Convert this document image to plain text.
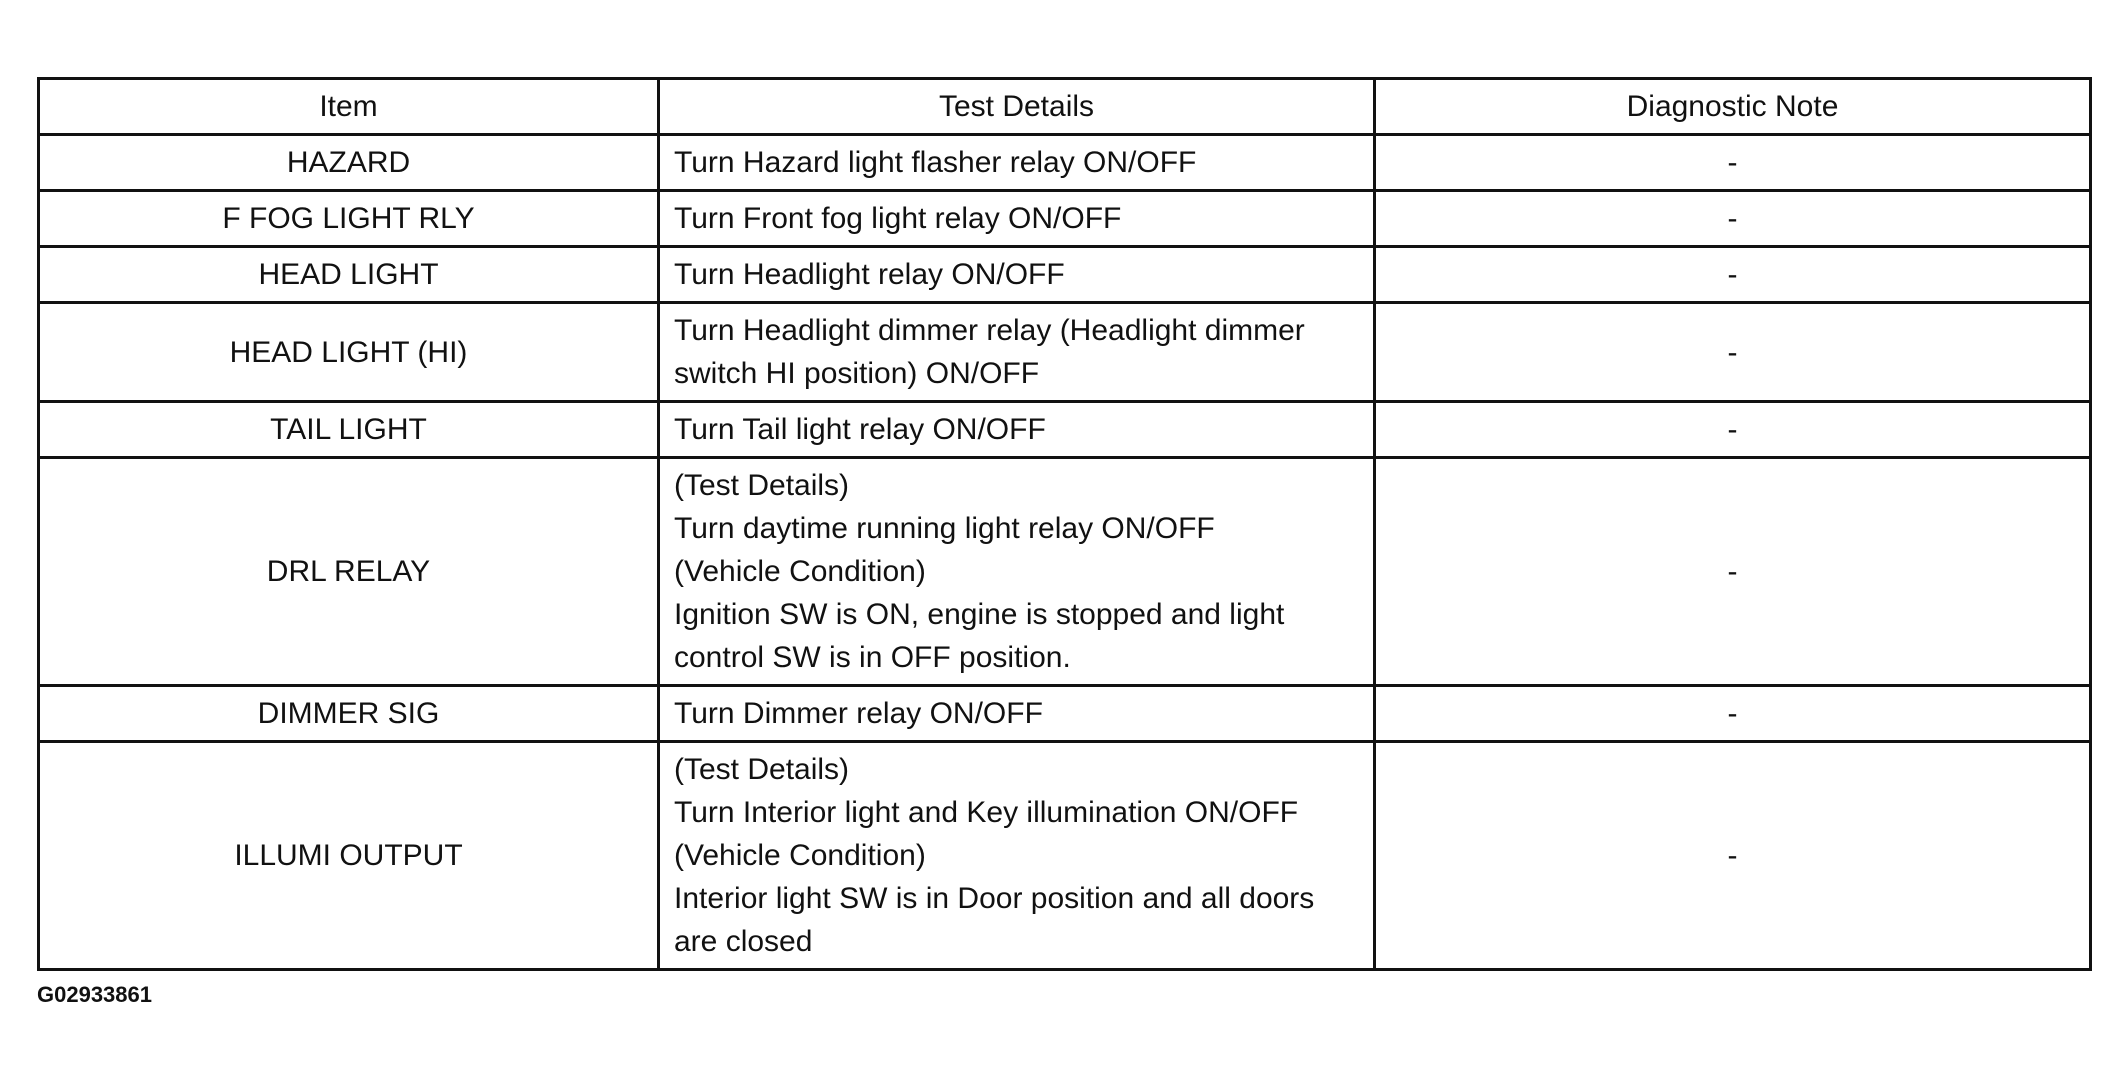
Item	Test Details	Diagnostic Note
HAZARD	Turn Hazard light flasher relay ON/OFF	-
F FOG LIGHT RLY	Turn Front fog light relay ON/OFF	-
HEAD LIGHT	Turn Headlight relay ON/OFF	-
HEAD LIGHT (HI)	Turn Headlight dimmer relay (Headlight dimmer
switch HI position) ON/OFF	-
TAIL LIGHT	Turn Tail light relay ON/OFF	-
DRL RELAY	(Test Details)
Turn daytime running light relay ON/OFF
(Vehicle Condition)
Ignition SW is ON, engine is stopped and light
control SW is in OFF position.	-
DIMMER SIG	Turn Dimmer relay ON/OFF	-
ILLUMI OUTPUT	(Test Details)
Turn Interior light and Key illumination ON/OFF
(Vehicle Condition)
Interior light SW is in Door position and all doors
are closed	-
G02933861
